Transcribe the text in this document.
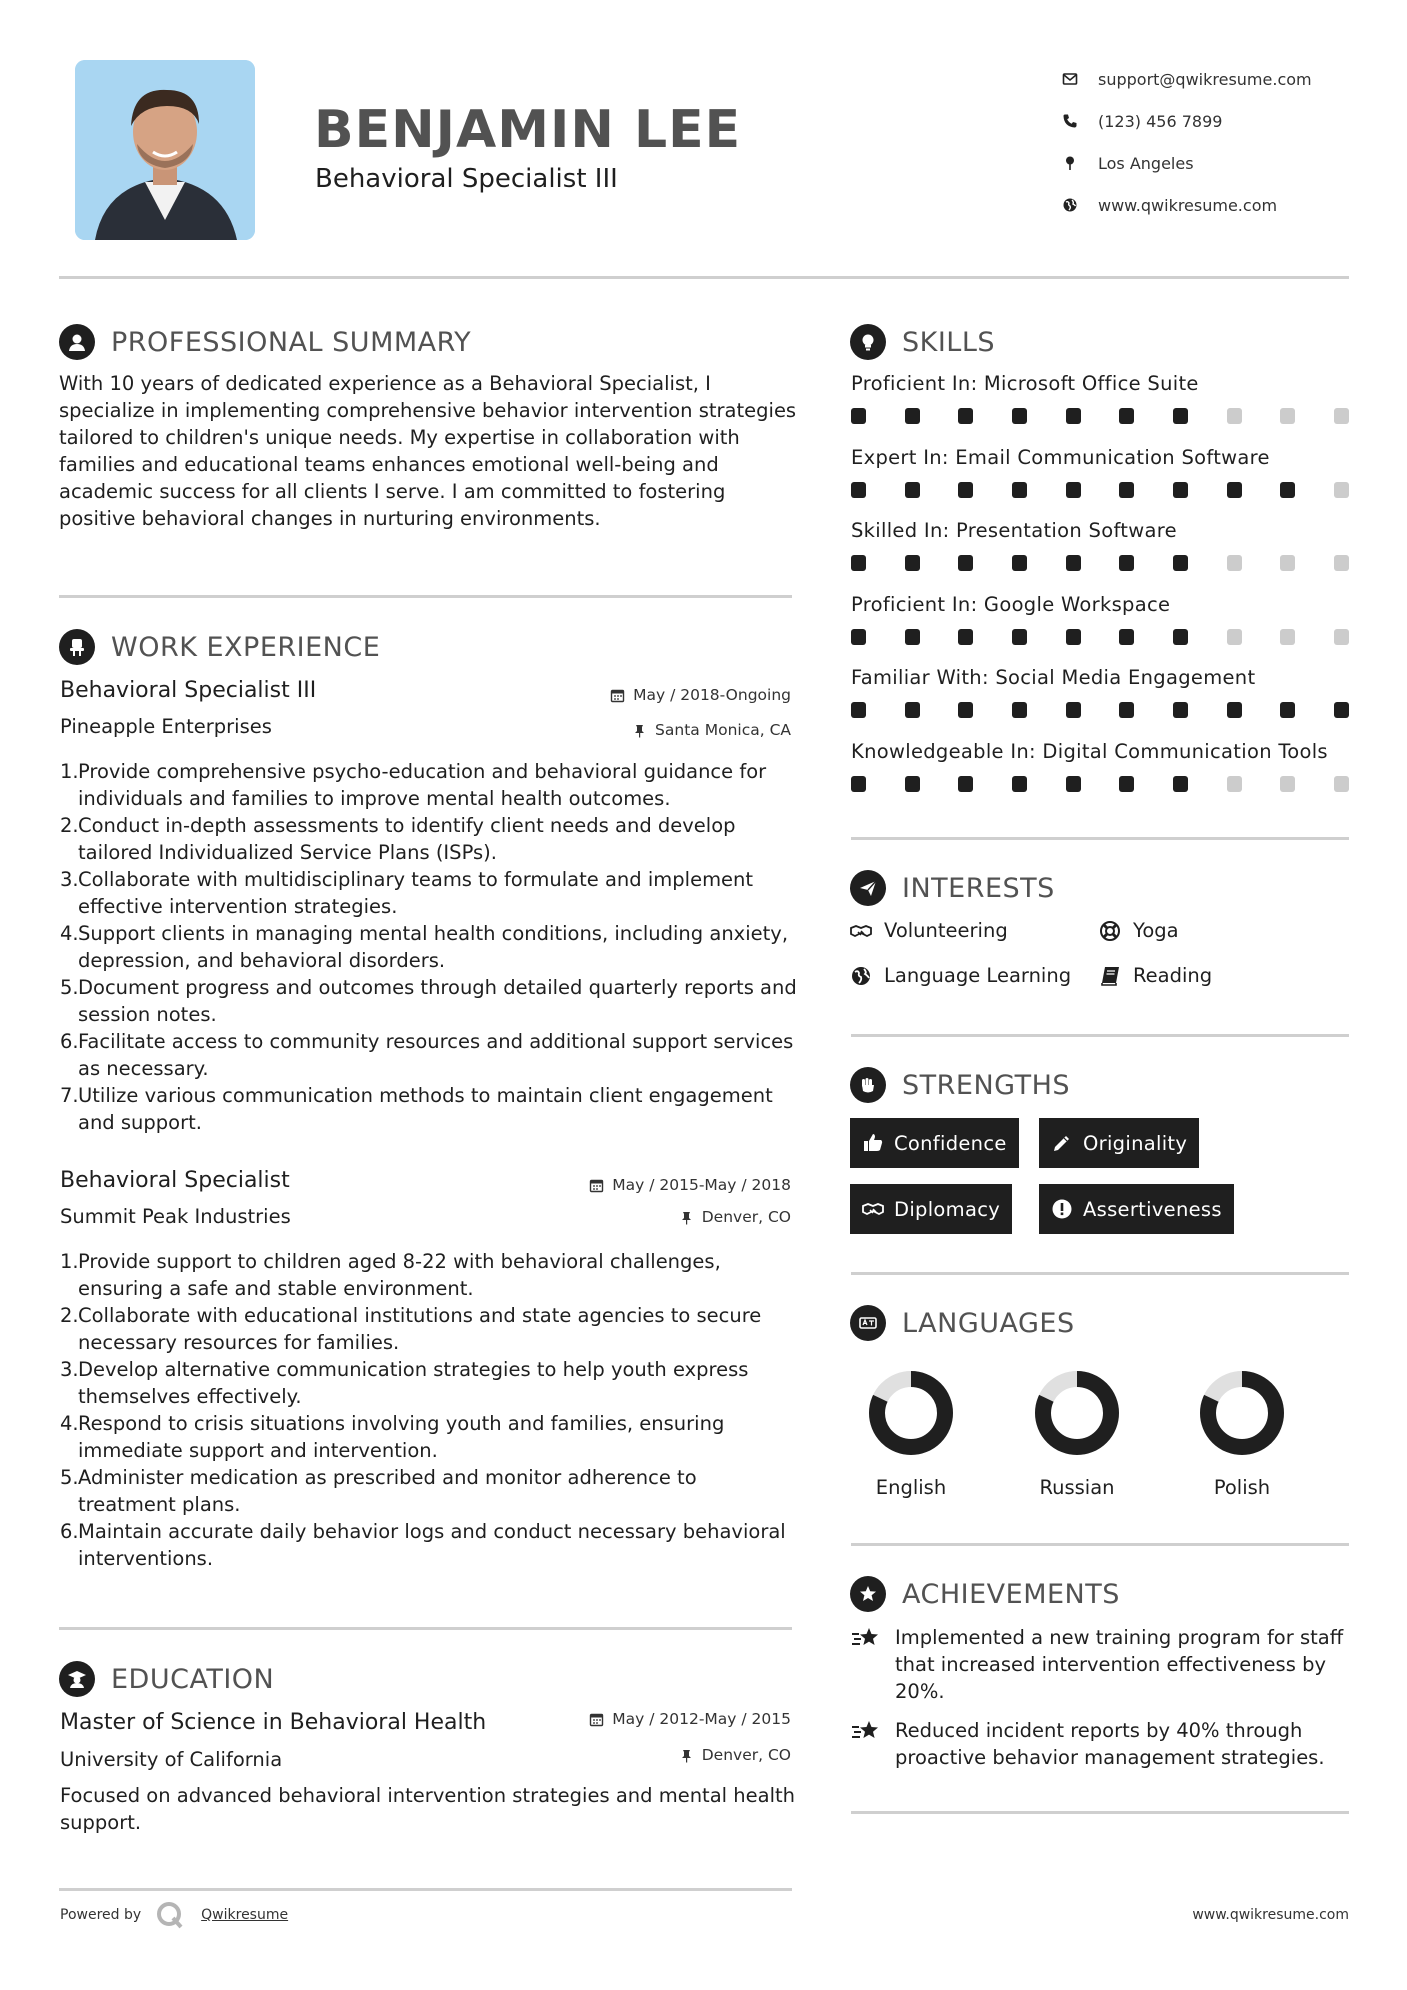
BENJAMIN LEE
Behavioral Specialist III
support@qwikresume.com
(123) 456 7899
Los Angeles
www.qwikresume.com
PROFESSIONAL SUMMARY
With 10 years of dedicated experience as a Behavioral Specialist, I specialize in implementing comprehensive behavior intervention strategies tailored to children's unique needs. My expertise in collaboration with families and educational teams enhances emotional well-being and academic success for all clients I serve. I am committed to fostering positive behavioral changes in nurturing environments.
WORK EXPERIENCE
Behavioral Specialist III	May / 2018-Ongoing
Pineapple Enterprises	Santa Monica, CA
Provide comprehensive psycho-education and behavioral guidance for individuals and families to improve mental health outcomes.
Conduct in-depth assessments to identify client needs and develop tailored Individualized Service Plans (ISPs).
Collaborate with multidisciplinary teams to formulate and implement effective intervention strategies.
Support clients in managing mental health conditions, including anxiety, depression, and behavioral disorders.
Document progress and outcomes through detailed quarterly reports and session notes.
Facilitate access to community resources and additional support services as necessary.
Utilize various communication methods to maintain client engagement and support.
Behavioral Specialist	May / 2015-May / 2018
Summit Peak Industries	Denver, CO
Provide support to children aged 8-22 with behavioral challenges, ensuring a safe and stable environment.
Collaborate with educational institutions and state agencies to secure necessary resources for families.
Develop alternative communication strategies to help youth express themselves effectively.
Respond to crisis situations involving youth and families, ensuring immediate support and intervention.
Administer medication as prescribed and monitor adherence to treatment plans.
Maintain accurate daily behavior logs and conduct necessary behavioral interventions.
EDUCATION
Master of Science in Behavioral Health	May / 2012-May / 2015
University of California	Denver, CO
Focused on advanced behavioral intervention strategies and mental health support.
SKILLS
Proficient In: Microsoft Office Suite
Expert In: Email Communication Software
Skilled In: Presentation Software
Proficient In: Google Workspace
Familiar With: Social Media Engagement
Knowledgeable In: Digital Communication Tools
INTERESTS
Volunteering	Yoga
Language Learning	Reading
STRENGTHS
Confidence	Originality
Diplomacy	Assertiveness
LANGUAGES
English	Russian	Polish
ACHIEVEMENTS
Implemented a new training program for staff that increased intervention effectiveness by 20%.
Reduced incident reports by 40% through proactive behavior management strategies.
Powered by	Qwikresume	www.qwikresume.com
